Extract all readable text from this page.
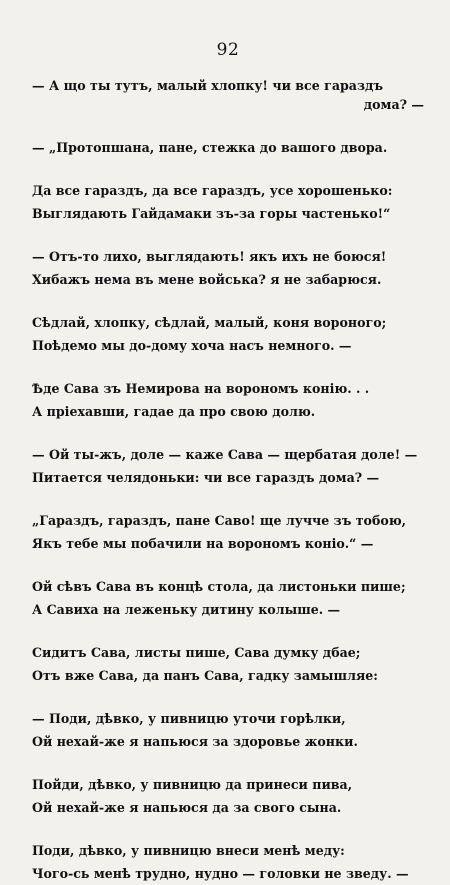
92
— А що ты тутъ, малый хлопку! чи все гараздъ
дома? —
— „Протопшана, пане, стежка до вашого двора.
Да все гараздъ, да все гараздъ, усе хорошенько:
Выглядають Гайдамаки зъ-за горы частенько!“
— Отъ-то лихо, выглядають! якъ ихъ не боюся!
Хибажъ нема въ мене войська? я не забарюся.
Сѣдлай, хлопку, сѣдлай, малый, коня вороного;
Поѣдемо мы до-дому хоча насъ немного. —
Ѣде Сава зъ Немирова на ворономъ конiю. . .
А прiехавши, гадае да про свою долю.
— Ой ты-жъ, доле — каже Сава — щербатая доле! —
Питается челядоньки: чи все гараздъ дома? —
„Гараздъ, гараздъ, пане Саво! ще лучче зъ тобою,
Якъ тебе мы побачили на ворономъ конiо.“ —
Ой сѣвъ Сава въ концѣ стола, да листоньки пише;
А Савиха на леженьку дитину колыше. —
Сидитъ Сава, листы пише, Сава думку дбае;
Отъ вже Сава, да панъ Сава, гадку замышляе:
— Поди, дѣвко, у пивницю уточи горѣлки,
Ой нехай-же я напьюся за здоровье жонки.
Пойди, дѣвко, у пивницю да принеси пива,
Ой нехай-же я напьюся да за свого сына.
Поди, дѣвко, у пивницю внеси менѣ меду:
Чого-сь менѣ трудно, нудно — головки не зведу. —
